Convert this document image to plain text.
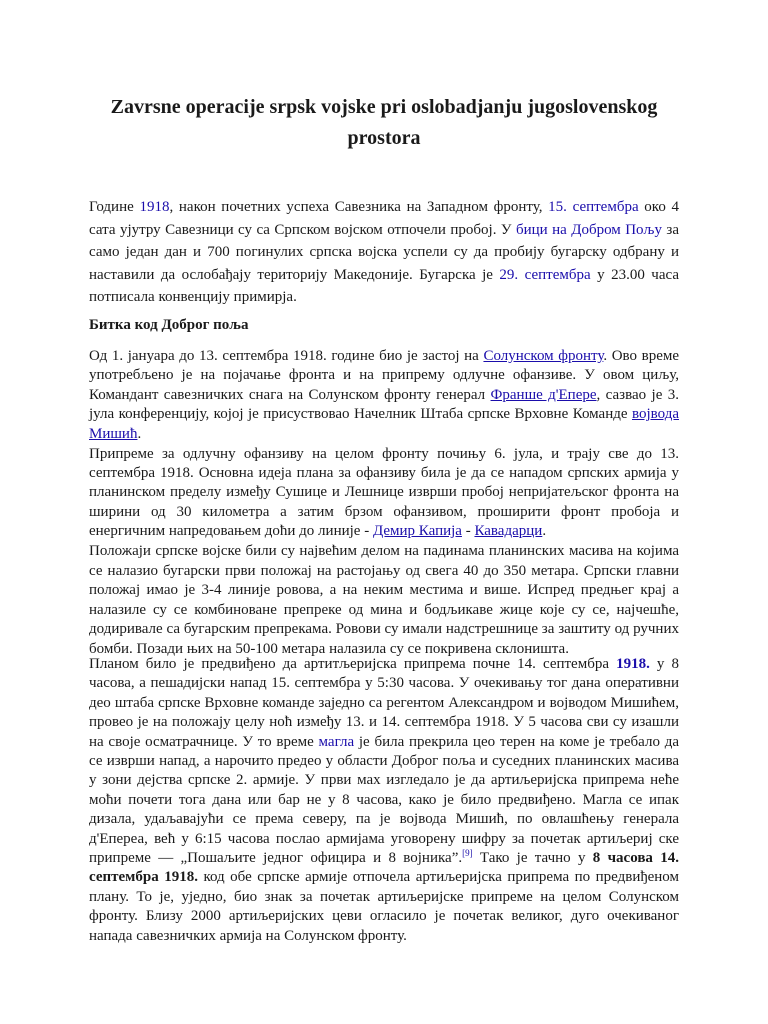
Zavrsne operacije srpsk vojske pri oslobadjanju jugoslovenskog prostora
Године 1918, након почетних успеха Савезника на Западном фронту, 15. септембра око 4 сата ујутру Савезници су са Српском војском отпочели пробој. У бици на Добром Пољу за само један дан и 700 погинулих српска војска успели су да пробију бугарску одбрану и наставили да ослобађају територију Македоније. Бугарска је 29. септембра у 23.00 часа потписала конвенцију примирја.
Битка код Доброг поља
Од 1. јануара до 13. септембра 1918. године био је застој на Солунском фронту. Ово време употребљено је на појачање фронта и на припрему одлучне офанзиве. У овом циљу, Командант савезничких снага на Солунском фронту генерал Франше д'Епере, сазвао је 3. јула конференцију, којој је присуствовао Начелник Штаба српске Врховне Команде војвода Мишић.
Припреме за одлучну офанзиву на целом фронту почињу 6. јула, и трају све до 13. септембра 1918. Основна идеја плана за офанзиву била је да се нападом српских армија у планинском пределу између Сушице и Лешнице изврши пробој непријатељског фронта на ширини од 30 километра а затим брзом офанзивом, проширити фронт пробоја и енергичним напредовањем доћи до линије - Демир Капија - Кавадарци.
Положаји српске војске били су највећим делом на падинама планинских масива на којима се налазио бугарски први положај на растојању од свега 40 до 350 метара. Српски главни положај имао је 3-4 линије ровова, а на неким местима и више. Испред предњег крај а налазиле су се комбиноване препреке од мина и бодљикаве жице које су се, најчешће, додиривале са бугарским препрекама. Ровови су имали надстрешнице за заштиту од ручних бомби. Позади њих на 50-100 метара налазила су се покривена склоништа.
Планом било је предвиђено да артитљеријска припрема почне 14. септембра 1918. у 8 часова, а пешадијски напад 15. септембра у 5:30 часова. У очекивању тог дана оперативни део штаба српске Врховне команде заједно са регентом Александром и војводом Мишићем, провео је на положају целу ноћ између 13. и 14. септембра 1918. У 5 часова сви су изашли на своје осматрачнице. У то време магла је била прекрила цео терен на коме је требало да се изврши напад, а нарочито предео у области Доброг поља и суседних планинских масива у зони дејства српске 2. армије. У први мах изгледало је да артиљеријска припрема неће моћи почети тога дана или бар не у 8 часова, како је било предвиђено. Магла се ипак дизала, удаљавајући се према северу, па је војвода Мишић, по овлашћењу генерала д'Епереа, већ у 6:15 часова послао армијама уговорену шифру за почетак артиљериј ске припреме — „Пошаљите једног официра и 8 војника”.[9] Тако је тачно у 8 часова 14. септембра 1918. код обе српске армије отпочела артиљеријска припрема по предвиђеном плану. То је, уједно, био знак за почетак артиљеријске припреме на целом Солунском фронту. Близу 2000 артиљеријских цеви огласило је почетак великог, дуго очекиваног напада савезничких армија на Солунском фронту.
